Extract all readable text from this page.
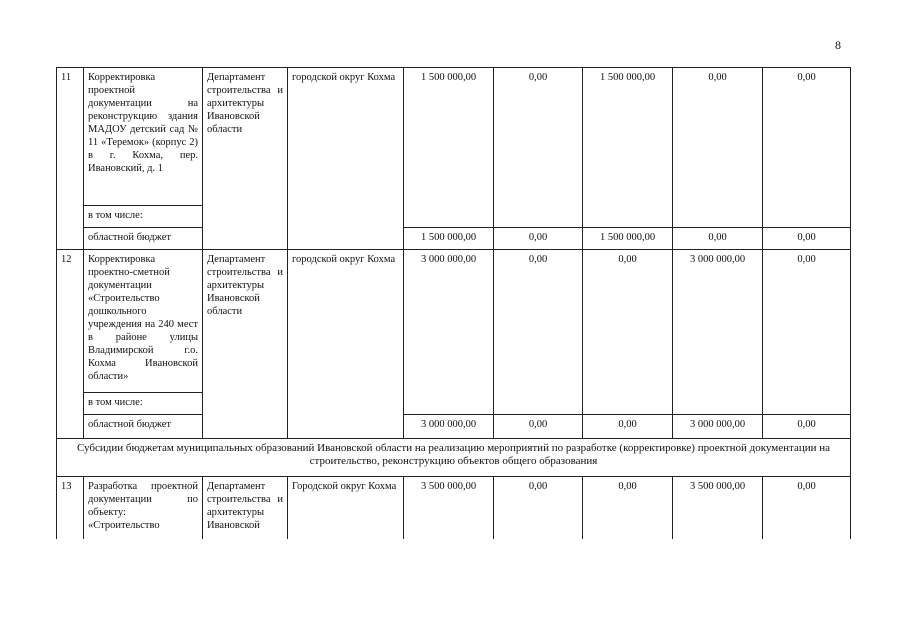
8
11	Корректировка проектной документации на реконструкцию здания МАДОУ детский сад № 11 «Теремок» (корпус 2) в г. Кохма, пер. Ивановский, д. 1	Департамент строительства и архитектуры Ивановской области	городской округ Кохма	1 500 000,00	0,00	1 500 000,00	0,00	0,00
	в том числе:							
	областной бюджет			1 500 000,00	0,00	1 500 000,00	0,00	0,00
12	Корректировка проектно-сметной документации «Строительство дошкольного учреждения на 240 мест в районе улицы Владимирской г.о. Кохма Ивановской области»	Департамент строительства и архитектуры Ивановской области	городской округ Кохма	3 000 000,00	0,00	0,00	3 000 000,00	0,00
	в том числе:							
	областной бюджет			3 000 000,00	0,00	0,00	3 000 000,00	0,00
Субсидии бюджетам муниципальных образований Ивановской области на реализацию мероприятий по разработке (корректировке) проектной документации на строительство, реконструкцию объектов общего образования								
13	Разработка проектной документации по объекту: «Строительство	Департамент строительства и архитектуры Ивановской	Городской округ Кохма	3 500 000,00	0,00	0,00	3 500 000,00	0,00
